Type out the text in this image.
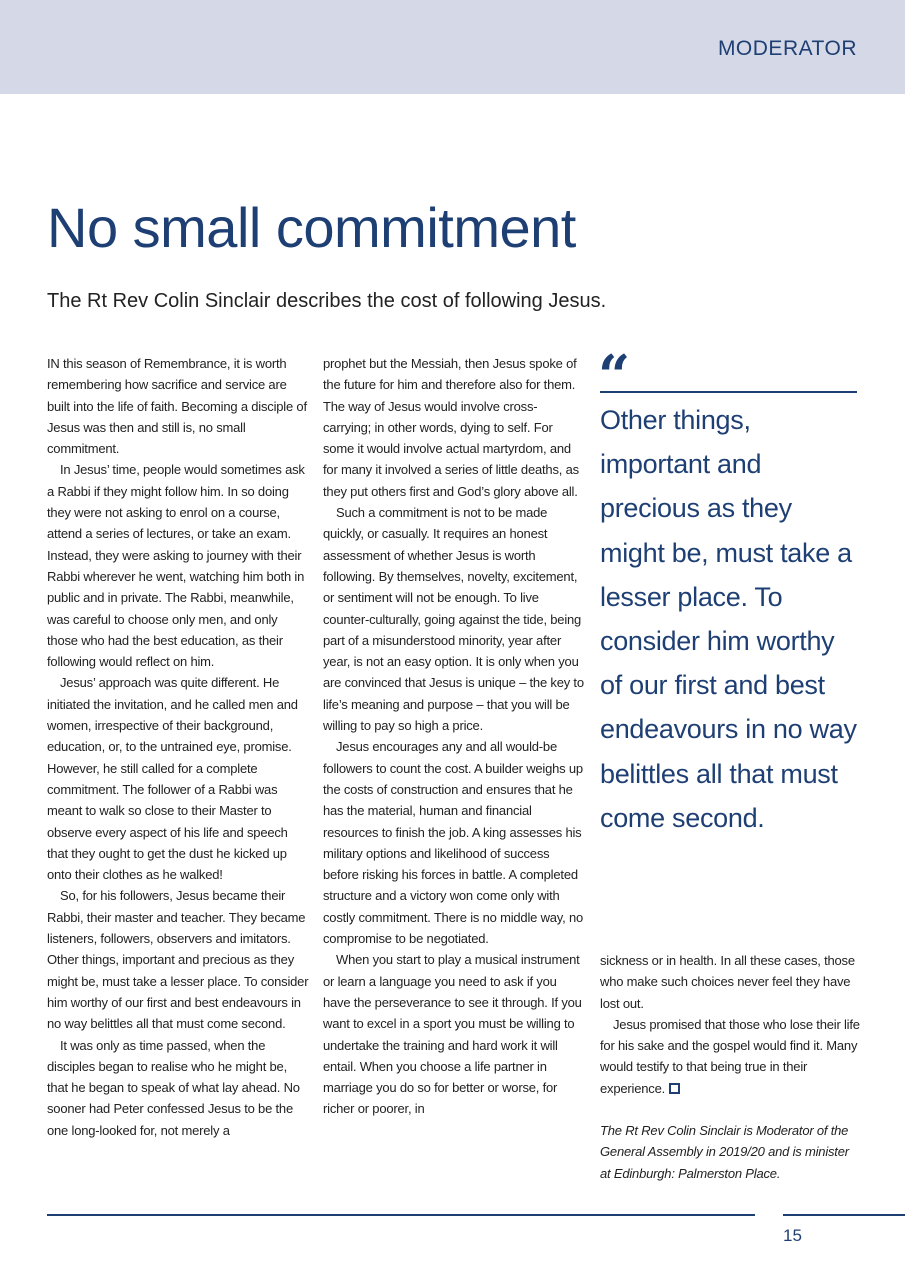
MODERATOR
No small commitment

The Rt Rev Colin Sinclair describes the cost of following Jesus.

IN this season of Remembrance, it is worth remembering how sacrifice and service are built into the life of faith. Becoming a disciple of Jesus was then and still is, no small commitment.

In Jesus’ time, people would sometimes ask a Rabbi if they might follow him. In so doing they were not asking to enrol on a course, attend a series of lectures, or take an exam. Instead, they were asking to journey with their Rabbi wherever he went, watching him both in public and in private. The Rabbi, meanwhile, was careful to choose only men, and only those who had the best education, as their following would reflect on him.

Jesus’ approach was quite different. He initiated the invitation, and he called men and women, irrespective of their background, education, or, to the untrained eye, promise. However, he still called for a complete commitment. The follower of a Rabbi was meant to walk so close to their Master to observe every aspect of his life and speech that they ought to get the dust he kicked up onto their clothes as he walked!

So, for his followers, Jesus became their Rabbi, their master and teacher. They became listeners, followers, observers and imitators. Other things, important and precious as they might be, must take a lesser place. To consider him worthy of our first and best endeavours in no way belittles all that must come second.

It was only as time passed, when the disciples began to realise who he might be, that he began to speak of what lay ahead. No sooner had Peter confessed Jesus to be the one long-looked for, not merely a

prophet but the Messiah, then Jesus spoke of the future for him and therefore also for them. The way of Jesus would involve cross-carrying; in other words, dying to self. For some it would involve actual martyrdom, and for many it involved a series of little deaths, as they put others first and God’s glory above all.

Such a commitment is not to be made quickly, or casually. It requires an honest assessment of whether Jesus is worth following. By themselves, novelty, excitement, or sentiment will not be enough. To live counter-culturally, going against the tide, being part of a misunderstood minority, year after year, is not an easy option. It is only when you are convinced that Jesus is unique – the key to life’s meaning and purpose – that you will be willing to pay so high a price.

Jesus encourages any and all would-be followers to count the cost. A builder weighs up the costs of construction and ensures that he has the material, human and financial resources to finish the job. A king assesses his military options and likelihood of success before risking his forces in battle. A completed structure and a victory won come only with costly commitment. There is no middle way, no compromise to be negotiated.

When you start to play a musical instrument or learn a language you need to ask if you have the perseverance to see it through. If you want to excel in a sport you must be willing to undertake the training and hard work it will entail. When you choose a life partner in marriage you do so for better or worse, for richer or poorer, in

“

Other things, important and precious as they might be, must take a lesser place. To consider him worthy of our first and best endeavours in no way belittles all that must come second.

sickness or in health. In all these cases, those who make such choices never feel they have lost out.

Jesus promised that those who lose their life for his sake and the gospel would find it. Many would testify to that being true in their experience.

The Rt Rev Colin Sinclair is Moderator of the General Assembly in 2019/20 and is minister at Edinburgh: Palmerston Place.

15
